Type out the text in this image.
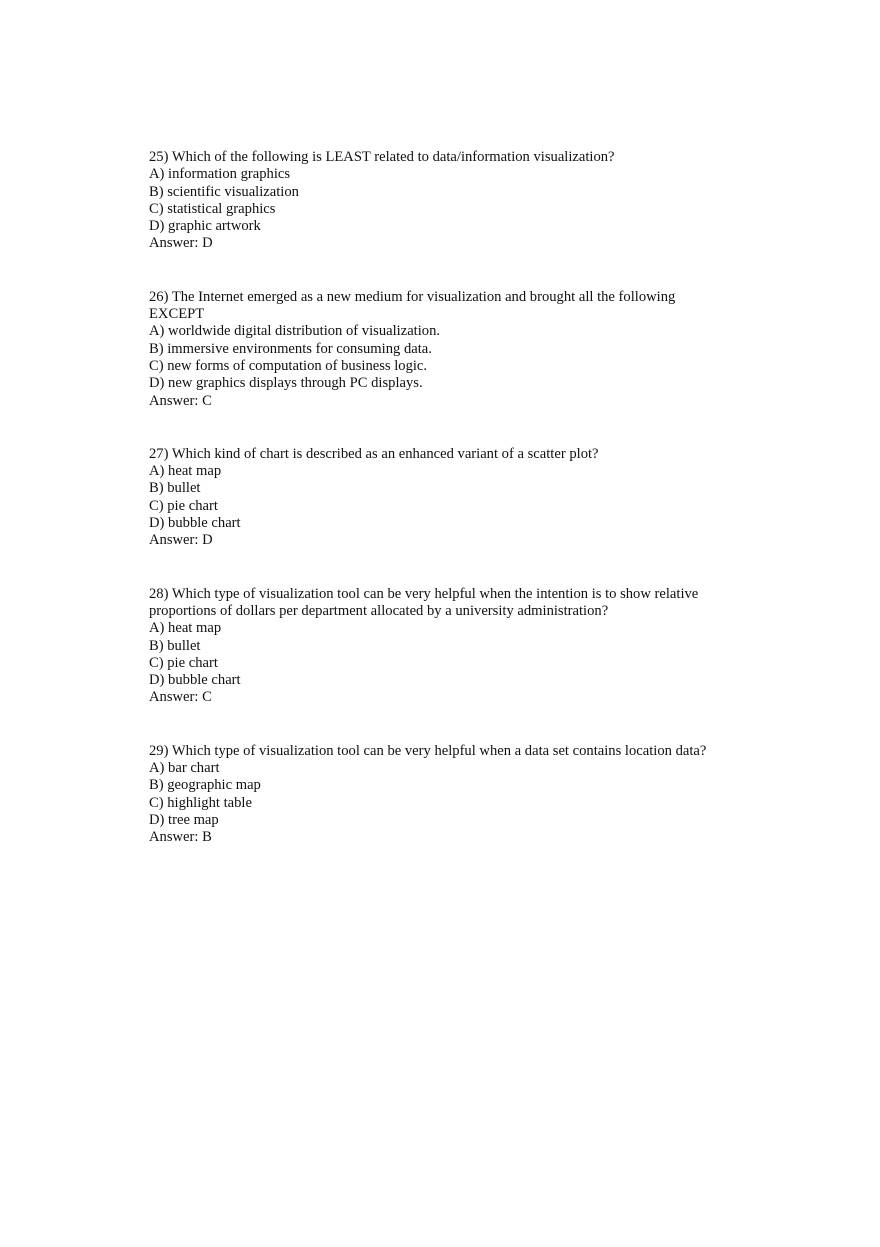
25) Which of the following is LEAST related to data/information visualization?
A) information graphics
B) scientific visualization
C) statistical graphics
D) graphic artwork
Answer: D
26) The Internet emerged as a new medium for visualization and brought all the following
EXCEPT
A) worldwide digital distribution of visualization.
B) immersive environments for consuming data.
C) new forms of computation of business logic.
D) new graphics displays through PC displays.
Answer: C
27) Which kind of chart is described as an enhanced variant of a scatter plot?
A) heat map
B) bullet
C) pie chart
D) bubble chart
Answer: D
28) Which type of visualization tool can be very helpful when the intention is to show relative
proportions of dollars per department allocated by a university administration?
A) heat map
B) bullet
C) pie chart
D) bubble chart
Answer: C
29) Which type of visualization tool can be very helpful when a data set contains location data?
A) bar chart
B) geographic map
C) highlight table
D) tree map
Answer: B
